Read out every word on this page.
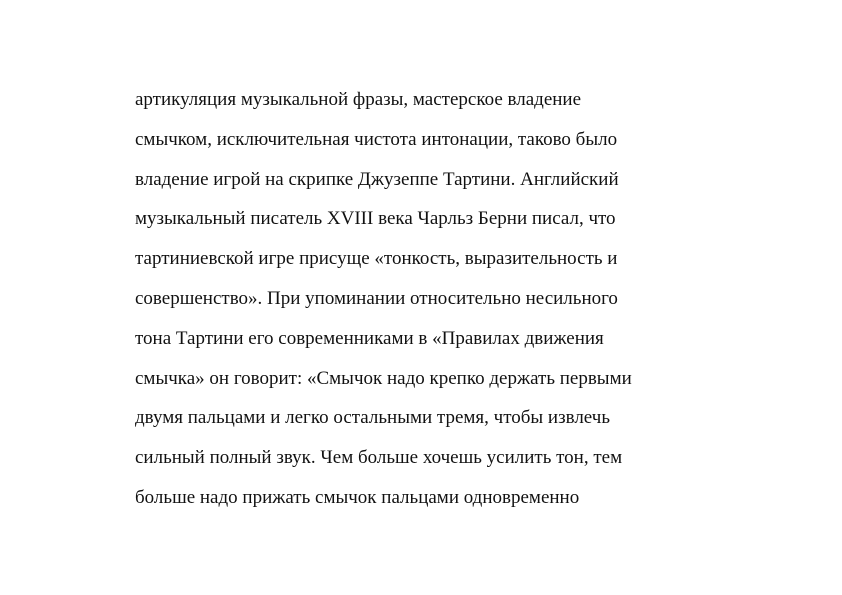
артикуляция музыкальной фразы, мастерское владение
смычком, исключительная чистота интонации, таково было
владение игрой на скрипке Джузеппе Тартини. Английский
музыкальный писатель XVIII века Чарльз Берни писал, что
тартиниевской игре присуще «тонкость, выразительность и
совершенство». При упоминании относительно несильного
тона Тартини его современниками в «Правилах движения
смычка» он говорит: «Смычок надо крепко держать первыми
двумя пальцами и легко остальными тремя, чтобы извлечь
сильный полный звук. Чем больше хочешь усилить тон, тем
больше надо прижать смычок пальцами одновременно
